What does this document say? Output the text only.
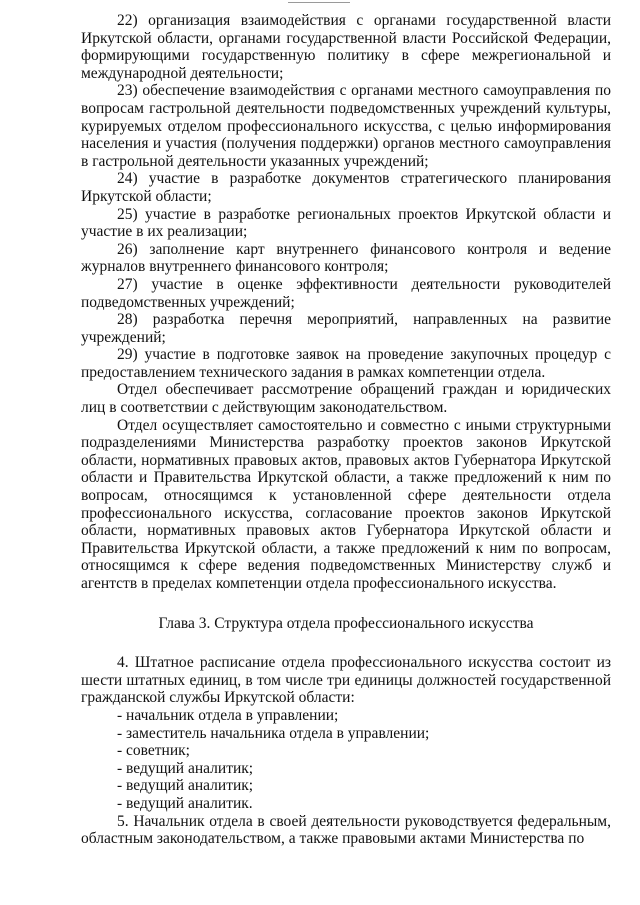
22) организация взаимодействия с органами государственной власти Иркутской области, органами государственной власти Российской Федерации, формирующими государственную политику в сфере межрегиональной и международной деятельности;

23) обеспечение взаимодействия с органами местного самоуправления по вопросам гастрольной деятельности подведомственных учреждений культуры, курируемых отделом профессионального искусства, с целью информирования населения и участия (получения поддержки) органов местного самоуправления в гастрольной деятельности указанных учреждений;

24) участие в разработке документов стратегического планирования Иркутской области;

25) участие в разработке региональных проектов Иркутской области и участие в их реализации;

26) заполнение карт внутреннего финансового контроля и ведение журналов внутреннего финансового контроля;

27) участие в оценке эффективности деятельности руководителей подведомственных учреждений;

28) разработка перечня мероприятий, направленных на развитие учреждений;

29) участие в подготовке заявок на проведение закупочных процедур с предоставлением технического задания в рамках компетенции отдела.

Отдел обеспечивает рассмотрение обращений граждан и юридических лиц в соответствии с действующим законодательством.

Отдел осуществляет самостоятельно и совместно с иными структурными подразделениями Министерства разработку проектов законов Иркутской области, нормативных правовых актов, правовых актов Губернатора Иркутской области и Правительства Иркутской области, а также предложений к ним по вопросам, относящимся к установленной сфере деятельности отдела профессионального искусства, согласование проектов законов Иркутской области, нормативных правовых актов Губернатора Иркутской области и Правительства Иркутской области, а также предложений к ним по вопросам, относящимся к сфере ведения подведомственных Министерству служб и агентств в пределах компетенции отдела профессионального искусства.

Глава 3. Структура отдела профессионального искусства

4. Штатное расписание отдела профессионального искусства состоит из шести штатных единиц, в том числе три единицы должностей государственной гражданской службы Иркутской области:

- начальник отдела в управлении;

- заместитель начальника отдела в управлении;

- советник;

- ведущий аналитик;

- ведущий аналитик;

- ведущий аналитик.

5. Начальник отдела в своей деятельности руководствуется федеральным, областным законодательством, а также правовыми актами Министерства по
